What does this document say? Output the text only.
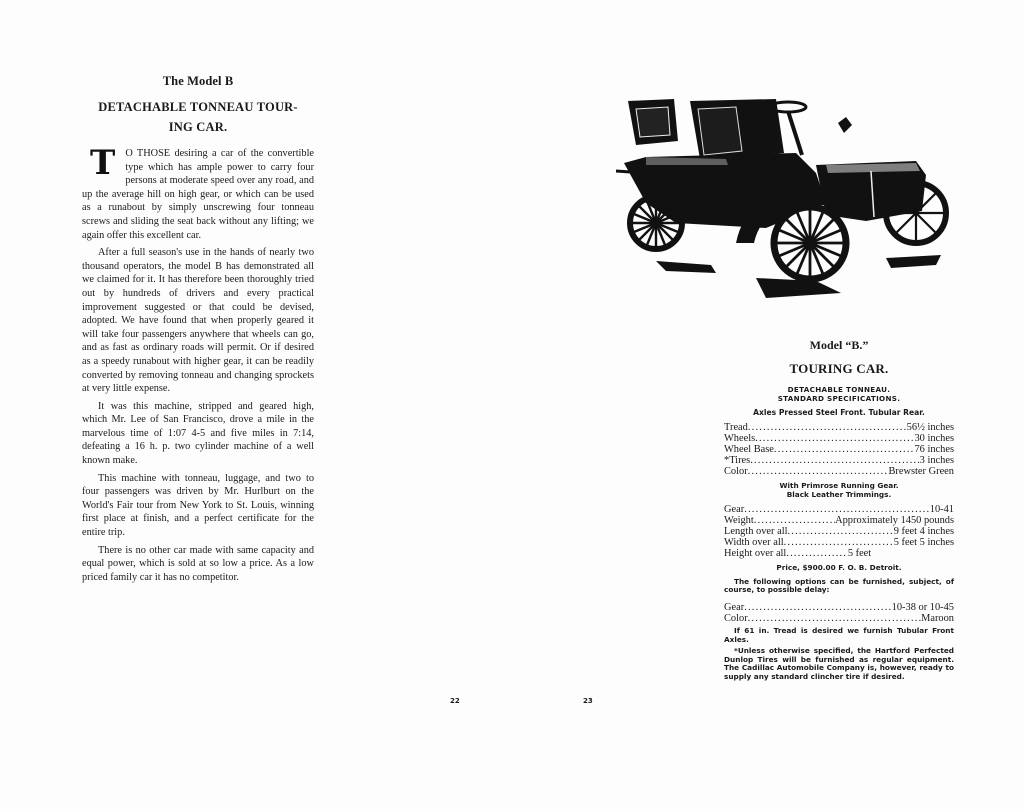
The Model B

DETACHABLE TONNEAU TOUR-
ING CAR.

T O THOSE desiring a car of the convertible type which has ample power to carry four persons at moderate speed over any road, and up the average hill on high gear, or which can be used as a runabout by simply unscrewing four tonneau screws and sliding the seat back without any lifting; we again offer this excellent car.

After a full season's use in the hands of nearly two thousand operators, the model B has demonstrated all we claimed for it. It has therefore been thoroughly tried out by hundreds of drivers and every practical improvement suggested or that could be devised, adopted. We have found that when properly geared it will take four passengers anywhere that wheels can go, and as fast as ordinary roads will permit. Or if desired as a speedy runabout with higher gear, it can be readily converted by removing tonneau and changing sprockets at very little expense.

It was this machine, stripped and geared high, which Mr. Lee of San Francisco, drove a mile in the marvelous time of 1:07 4-5 and five miles in 7:14, defeating a 16 h. p. two cylinder machine of a well known make.

This machine with tonneau, luggage, and two to four passengers was driven by Mr. Hurlburt on the World's Fair tour from New York to St. Louis, winning first place at finish, and a perfect certificate for the entire trip.

There is no other car made with same capacity and equal power, which is sold at so low a price. As a low priced family car it has no competitor.

22

Model “B.”

TOURING CAR.

DETACHABLE TONNEAU.

STANDARD SPECIFICATIONS.

Axles Pressed Steel Front. Tubular Rear.

Tread .....	56½ inches
Wheels .....	30 inches
Wheel Base .....	76 inches
*Tires .....	3 inches
Color .....	Brewster Green

With Primrose Running Gear.
Black Leather Trimmings.

Gear .....	10-41
Weight .....	Approximately 1450 pounds
Length over all .....	9 feet 4 inches
Width over all .....	5 feet 5 inches
Height over all .....	5 feet

Price, $900.00 F. O. B. Detroit.

The following options can be furnished, subject, of course, to possible delay:

Gear .....	10-38 or 10-45
Color .....	Maroon

If 61 in. Tread is desired we furnish Tubular Front Axles.

*Unless otherwise specified, the Hartford Perfected Dunlop Tires will be furnished as regular equipment. The Cadillac Automobile Company is, however, ready to supply any standard clincher tire if desired.

23
